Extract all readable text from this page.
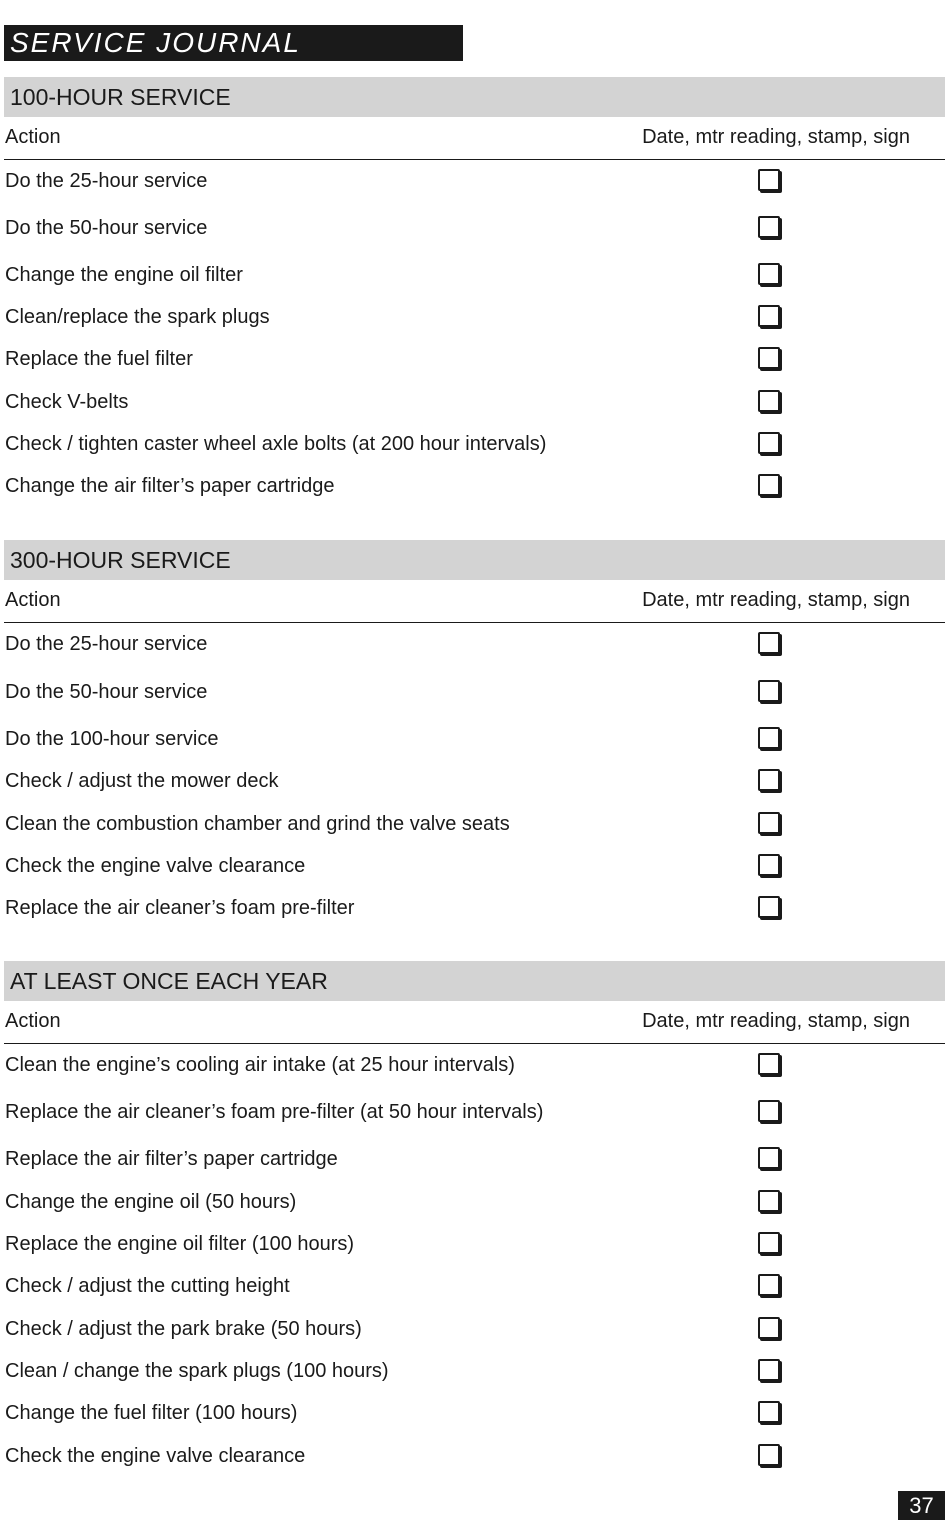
SERVICE JOURNAL
100-HOUR SERVICE
Action	Date, mtr reading, stamp, sign
Do the 25-hour service
Do the 50-hour service
Change the engine oil filter
Clean/replace the spark plugs
Replace the fuel filter
Check V-belts
Check / tighten caster wheel axle bolts (at 200 hour intervals)
Change the air filter’s paper cartridge
300-HOUR SERVICE
Action	Date, mtr reading, stamp, sign
Do the 25-hour service
Do the 50-hour service
Do the 100-hour service
Check / adjust the mower deck
Clean the combustion chamber and grind the valve seats
Check the engine valve clearance
Replace the air cleaner’s foam pre-filter
AT LEAST ONCE EACH YEAR
Action	Date, mtr reading, stamp, sign
Clean the engine’s cooling air intake (at 25 hour intervals)
Replace the air cleaner’s foam pre-filter (at 50 hour intervals)
Replace the air filter’s paper cartridge
Change the engine oil (50 hours)
Replace the engine oil filter (100 hours)
Check / adjust the cutting height
Check / adjust the park brake (50 hours)
Clean / change the spark plugs (100 hours)
Change the fuel filter (100 hours)
Check the engine valve clearance
37
